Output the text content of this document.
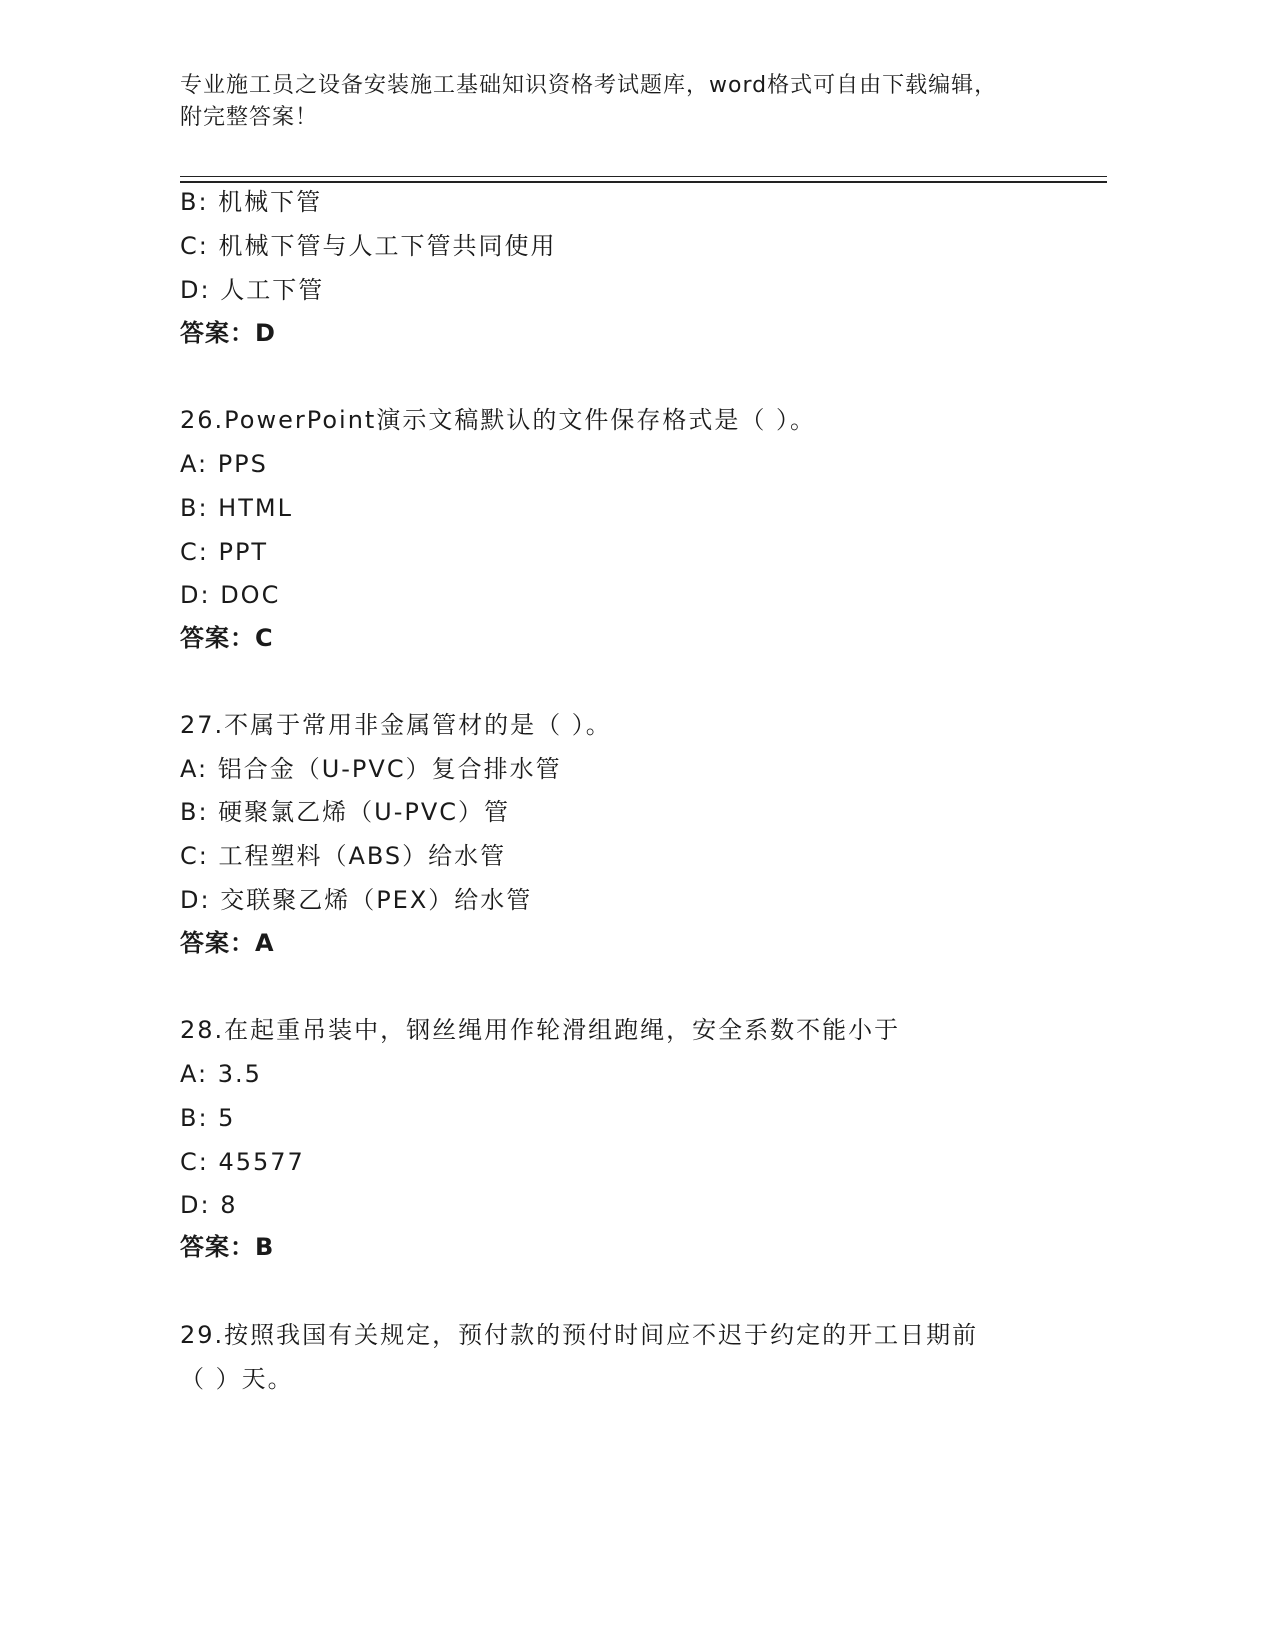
专业施工员之设备安装施工基础知识资格考试题库，word格式可自由下载编辑，
附完整答案！
B: 机械下管
C: 机械下管与人工下管共同使用
D: 人工下管
答案：D
26.PowerPoint演示文稿默认的文件保存格式是（ ）。
A: PPS
B: HTML
C: PPT
D: DOC
答案：C
27.不属于常用非金属管材的是（ ）。
A: 铝合金（U-PVC）复合排水管
B: 硬聚氯乙烯（U-PVC）管
C: 工程塑料（ABS）给水管
D: 交联聚乙烯（PEX）给水管
答案：A
28.在起重吊装中，钢丝绳用作轮滑组跑绳，安全系数不能小于
A: 3.5
B: 5
C: 45577
D: 8
答案：B
29.按照我国有关规定，预付款的预付时间应不迟于约定的开工日期前
（ ）天。
